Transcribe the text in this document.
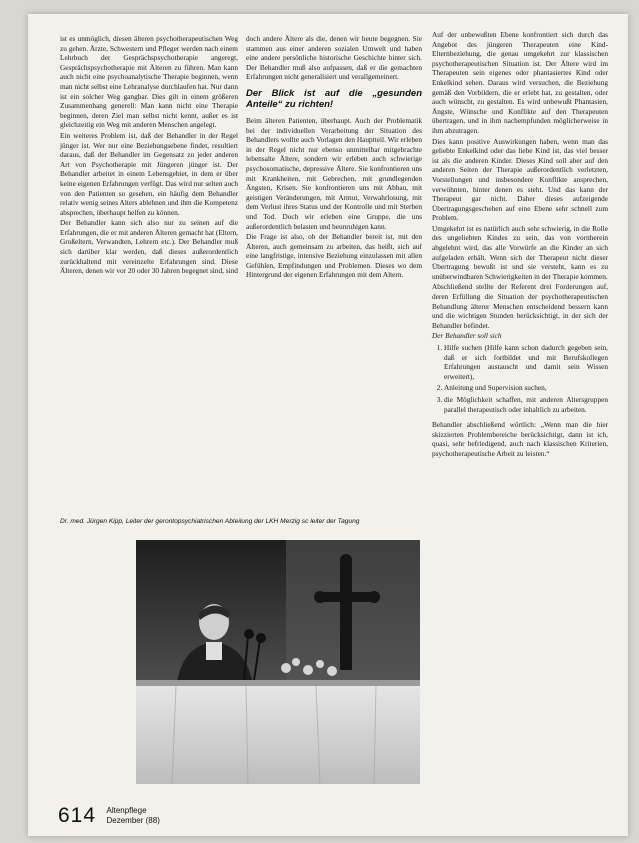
ist es unmöglich, diesen älteren psychotherapeutischen Weg zu gehen. Ärzte, Schwestern und Pfleger werden nach einem Lehrbuch der Gesprächspsychotherapie angeregt, Gesprächspsychotherapie mit Älteren zu führen. Man kann auch nicht eine psychoanalytische Therapie beginnen, wenn man nicht selbst eine Lehranalyse durchlaufen hat. Nur dann ist ein solcher Weg gangbar. Dies gilt in einem größeren Zusammenhang generell: Man kann nicht eine Therapie beginnen, deren Ziel man selbst nicht kennt, außer es ist gleichzeitig ein Weg mit anderen Menschen angelegt.

Ein weiteres Problem ist, daß der Behandler in der Regel jünger ist. Wer nur eine Beziehungsebene findet, resultiert daraus, daß der Behandler im Gegensatz zu jeder anderen Art von Psychotherapie mit Jüngeren jünger ist. Der Behandler arbeitet in einem Lebensgebiet, in dem er über keine eigenen Erfahrungen verfügt. Das wird nur selten auch von den Patienten so gesehen, ein häufig dem Behandler relativ wenig seines Alters ablehnen und ihm die Kompetenz absprechen, überhaupt helfen zu können.

Der Behandler kann sich also nur zu seinen auf die Erfahrungen, die er mit anderen Älteren gemacht hat (Eltern, Großeltern, Verwandten, Lehrern etc.). Der Behandler muß sich darüber klar werden, daß dieses außerordentlich zurückhaltend mit vereinzelte Erfahrungen sind. Diese Älteren, denen wir vor 20 oder 30 Jahren begegnet sind, sind

doch andere Ältere als die, denen wir heute begegnen. Sie stammen aus einer anderen sozialen Umwelt und haben eine andere persönliche historische Geschichte hinter sich. Der Behandler muß also aufpassen, daß er die gemachten Erfahrungen nicht generalisiert und verallgemeinert.

Der Blick ist auf die „gesunden Anteile“ zu richten!

Beim älteren Patienten, überhaupt. Auch der Problematik bei der individuellen Verarbeitung der Situation des Behandlers wollte auch Vorlagen den Hauptteil. Wir erleben in der Regel nicht nur ebenso unmittelbar mitgebrachte lebensalte Ältere, sondern wir erleben auch schwierige psychosomatische, depressive Ältere. Sie konfrontieren uns mit Krankheiten, mit Gebrechen, mit grundlegenden Ängsten, Krisen. Sie konfrontieren uns mit Abbau, mit geistigen Veränderungen, mit Armut, Verwahrlosung, mit dem Verlust ihres Status und der Kontrolle und mit Sterben und Tod. Doch wir erleben eine Gruppe, die uns außerordentlich belasten und beunruhigen kann.

Die Frage ist also, ob der Behandler bereit ist, mit den Älteren, auch gemeinsam zu arbeiten, das heißt, sich auf eine langfristige, intensive Beziehung einzulassen mit allen Gefühlen, Empfindungen und Problemen. Dieses wo dem Hintergrund der eigenen Erfahrungen mit dem Altern.

Auf der unbewußten Ebene konfrontiert sich durch das Angebot des jüngeren Therapeuten eine Kind-Elternbeziehung, die genau umgekehrt zur klassischen psychotherapeutischen Situation ist. Der Ältere wird im Therapeuten sein eigenes oder phantasiertes Kind oder Enkelkind sehen. Daraus wird versuchen, die Beziehung gemäß den Vorbildern, die er erlebt hat, zu gestalten, oder auch wünscht, zu gestalten. Es wird unbewußt Phantasien, Ängste, Wünsche und Konflikte auf den Therapeuten übertragen, und in ihm nachempfunden möglicherweise in ihm abzutragen.

Dies kann positive Auswirkungen haben, wenn man das geliebte Enkelkind oder das liebe Kind ist, das viel besser ist als die anderen Kinder. Dieses Kind soll aber auf den anderen Seiten der Therapie außerordentlich verletzten, Vorstellungen und insbesondere Konflikte ansprechen, verwöhnten, hinter denen es steht. Und das kann der Therapeut gar nicht. Daher dieses aufzeigende Übertragungsgeschehen auf eine Ebene sehr schnell zum Problem.

Umgekehrt ist es natürlich auch sehr schwierig, in die Rolle des ungeliebten Kindes zu sein, das von vornherein abgelehnt wird, das alle Vorwürfe an die Kinder an sich aufgeladen erhält. Wenn sich der Therapeut nicht dieser Übertragung bewußt ist und sie versteht, kann es zu unüberwindbaren Schwierigkeiten in der Therapie kommen.

Abschließend stellte der Referent drei Forderungen auf, deren Erfüllung die Situation der psychotherapeutischen Behandlung älterer Menschen entscheidend bessern kann und die wichtigen Stunden berücksichtigt, in der sich der Behandler befindet.

Der Behandler soll sich

1. Hilfe suchen (Hilfe kann schon dadurch gegeben sein, daß er sich fortbildet und mit Berufskollegen Erfahrungen austauscht und damit sein Wissen erweitert),
2. Anleitung und Supervision suchen,
3. die Möglichkeit schaffen, mit anderen Altersgruppen parallel therapeutisch oder inhaltlich zu arbeiten.

Behandler abschließend wörtlich: „Wenn man die hier skizzierten Problembereiche berücksichtigt, dann ist ich, quasi, sehr befriedigend, auch nach klassischen Kriterien, psychotherapeutische Arbeit zu leisten.“

Dr. med. Jürgen Kipp, Leiter der gerontopsychiatrischen Abteilung der LKH Merzig sc leiter der Tagung
614 Altenpflege
Dezember (88)
